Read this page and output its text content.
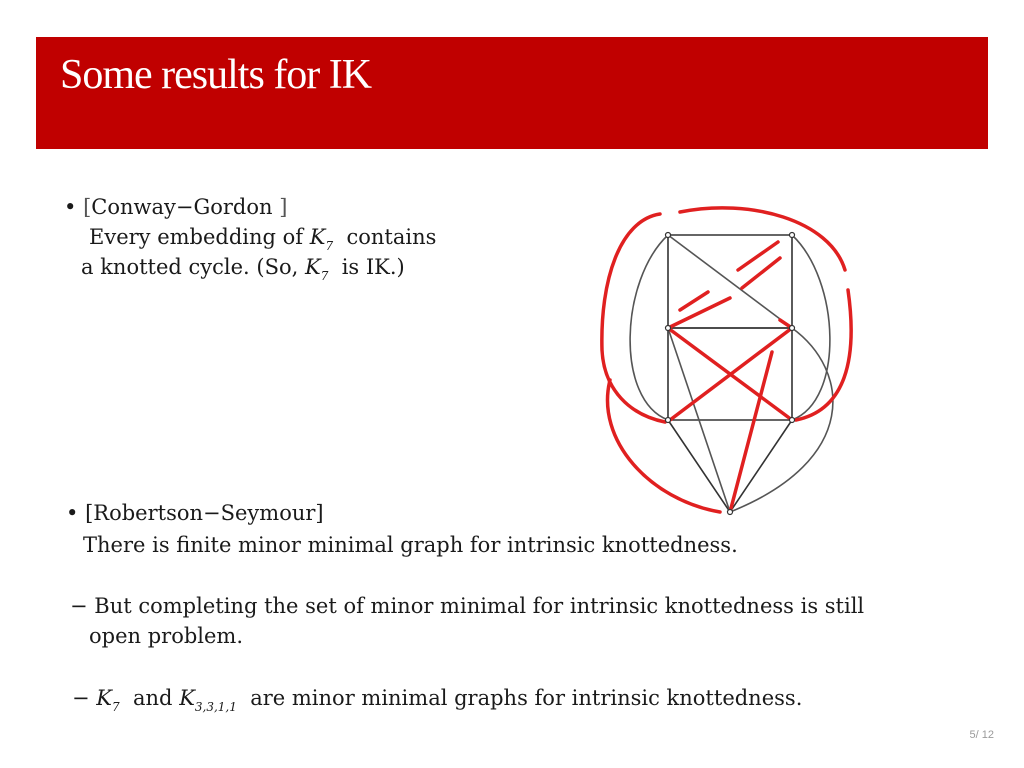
Some results for IK
• [Conway−Gordon ]
Every embedding of $K_7$ contains
a knotted cycle. (So, $K_7$ is IK.)
• [Robertson−Seymour]
There is finite minor minimal graph for intrinsic knottedness.
− But completing the set of minor minimal for intrinsic knottedness is still
open problem.
− $K_7$ and $K_{3,3,1,1}$ are minor minimal graphs for intrinsic knottedness.
5/ 12
